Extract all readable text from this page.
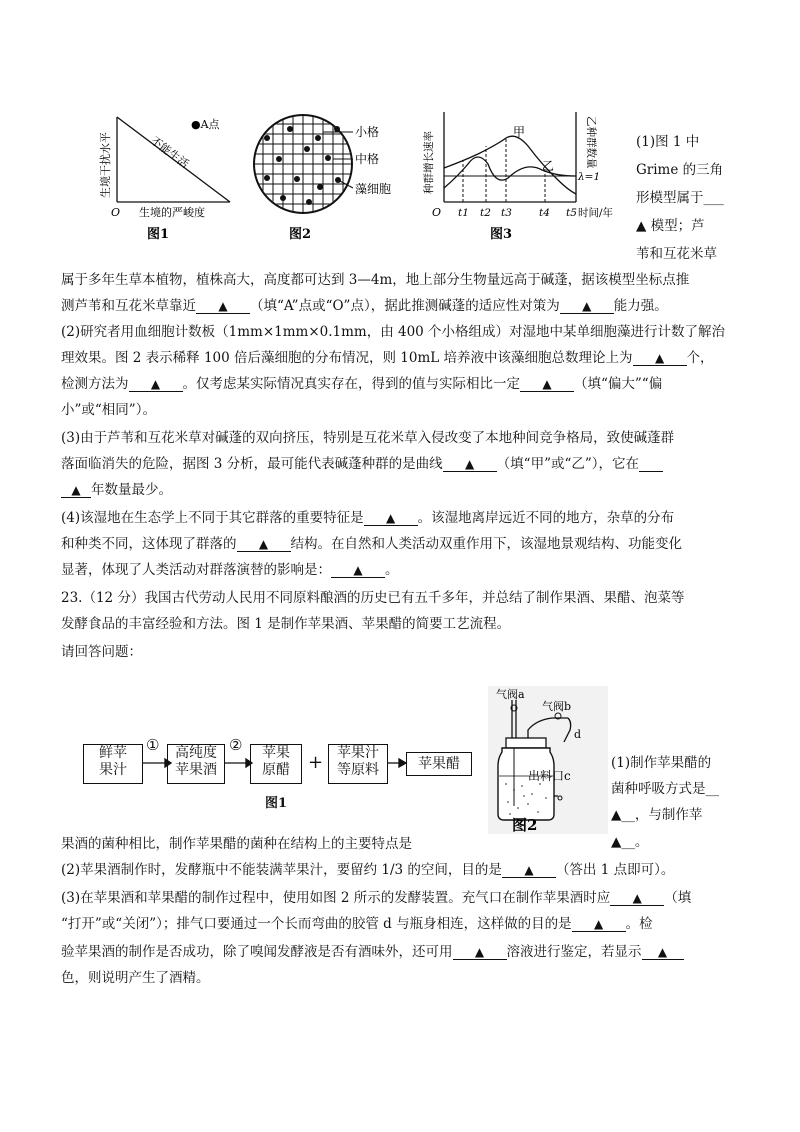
生境干扰水平	不能生活
●A点
O 生境的严峻度
图1
小格
中格
藻细胞
图2
种群增长速率	乙种群数量
甲
乙
λ=1
O t1 t2 t3	t4 t5 时间/年
图3
(1)图 1 中
Grime 的三角
形模型属于___
▲ 模型；芦
苇和互花米草
属于多年生草本植物，植株高大，高度都可达到 3—4m，地上部分生物量远高于碱蓬，据该模型坐标点推
测芦苇和互花米草靠近 ▲ （填“A”点或“O”点），据此推测碱蓬的适应性对策为 ▲ 能力强。
(2)研究者用血细胞计数板（1mm×1mm×0.1mm，由 400 个小格组成）对湿地中某单细胞藻进行计数了解治
理效果。图 2 表示稀释 100 倍后藻细胞的分布情况，则 10mL 培养液中该藻细胞总数理论上为 ▲ 个，
检测方法为 ▲ 。仅考虑某实际情况真实存在，得到的值与实际相比一定 ▲ （填“偏大”“偏
小”或“相同”）。
(3)由于芦苇和互花米草对碱蓬的双向挤压，特别是互花米草入侵改变了本地种间竞争格局，致使碱蓬群
落面临消失的危险，据图 3 分析，最可能代表碱蓬种群的是曲线 ▲ （填“甲”或“乙”），它在
▲ 年数量最少。
(4)该湿地在生态学上不同于其它群落的重要特征是 ▲ 。该湿地离岸远近不同的地方，杂草的分布
和种类不同，这体现了群落的 ▲ 结构。在自然和人类活动双重作用下，该湿地景观结构、功能变化
显著，体现了人类活动对群落演替的影响是： ▲ 。
23.（12 分）我国古代劳动人民用不同原料酿酒的历史已有五千多年，并总结了制作果酒、果醋、泡菜等
发酵食品的丰富经验和方法。图 1 是制作苹果酒、苹果醋的简要工艺流程。
请回答问题：
鲜苹
果汁
①	高纯度
苹果酒
②	苹果
原醋	+ 苹果汁
等原料	苹果醋
图1
气阀a
气阀b
d
出料口c
图2
(1)制作苹果醋的
菌种呼吸方式是__
▲__，与制作苹
▲__。
果酒的菌种相比，制作苹果醋的菌种在结构上的主要特点是
(2)苹果酒制作时，发酵瓶中不能装满苹果汁，要留约 1/3 的空间，目的是 ▲ （答出 1 点即可）。
(3)在苹果酒和苹果醋的制作过程中，使用如图 2 所示的发酵装置。充气口在制作苹果酒时应 ▲ （填
“打开”或“关闭”）；排气口要通过一个长而弯曲的胶管 d 与瓶身相连，这样做的目的是 ▲ 。检
验苹果酒的制作是否成功，除了嗅闻发酵液是否有酒味外，还可用 ▲ 溶液进行鉴定，若显示 ▲
色，则说明产生了酒精。
